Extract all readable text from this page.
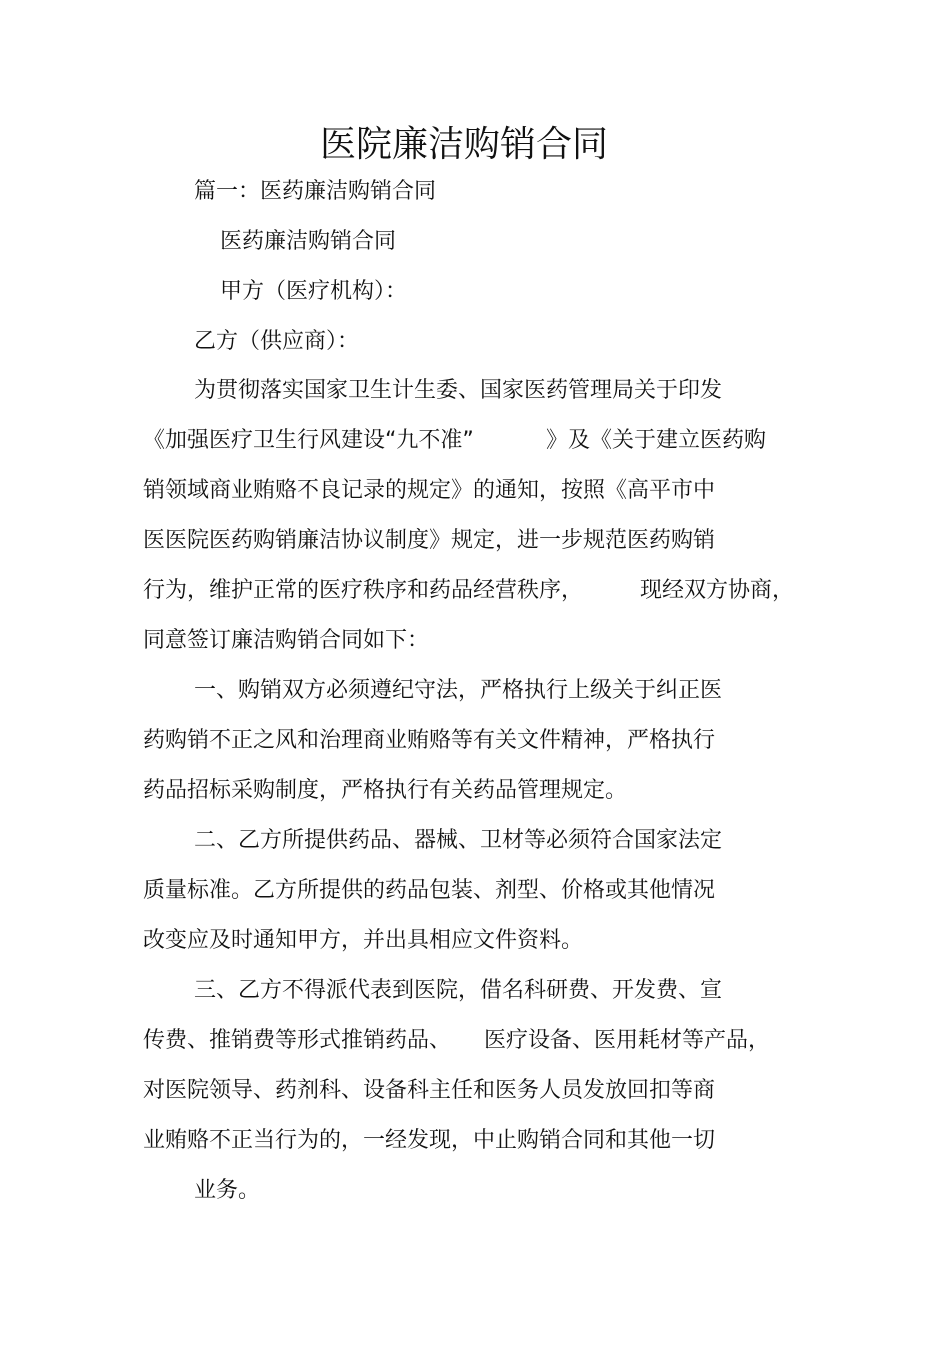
医院廉洁购销合同
篇一：医药廉洁购销合同
医药廉洁购销合同
甲方（医疗机构）：
乙方（供应商）：
为贯彻落实国家卫生计生委、国家医药管理局关于印发
《加强医疗卫生行风建设“九不准”	》及《关于建立医药购
销领域商业贿赂不良记录的规定》的通知，按照《高平市中
医医院医药购销廉洁协议制度》规定，进一步规范医药购销
行为，维护正常的医疗秩序和药品经营秩序，	现经双方协商，
同意签订廉洁购销合同如下：
一、购销双方必须遵纪守法，严格执行上级关于纠正医
药购销不正之风和治理商业贿赂等有关文件精神，严格执行
药品招标采购制度，严格执行有关药品管理规定。
二、乙方所提供药品、器械、卫材等必须符合国家法定
质量标准。乙方所提供的药品包装、剂型、价格或其他情况
改变应及时通知甲方，并出具相应文件资料。
三、乙方不得派代表到医院，借名科研费、开发费、宣
传费、推销费等形式推销药品、 医疗设备、医用耗材等产品，
对医院领导、药剂科、设备科主任和医务人员发放回扣等商
业贿赂不正当行为的，一经发现，中止购销合同和其他一切
业务。
